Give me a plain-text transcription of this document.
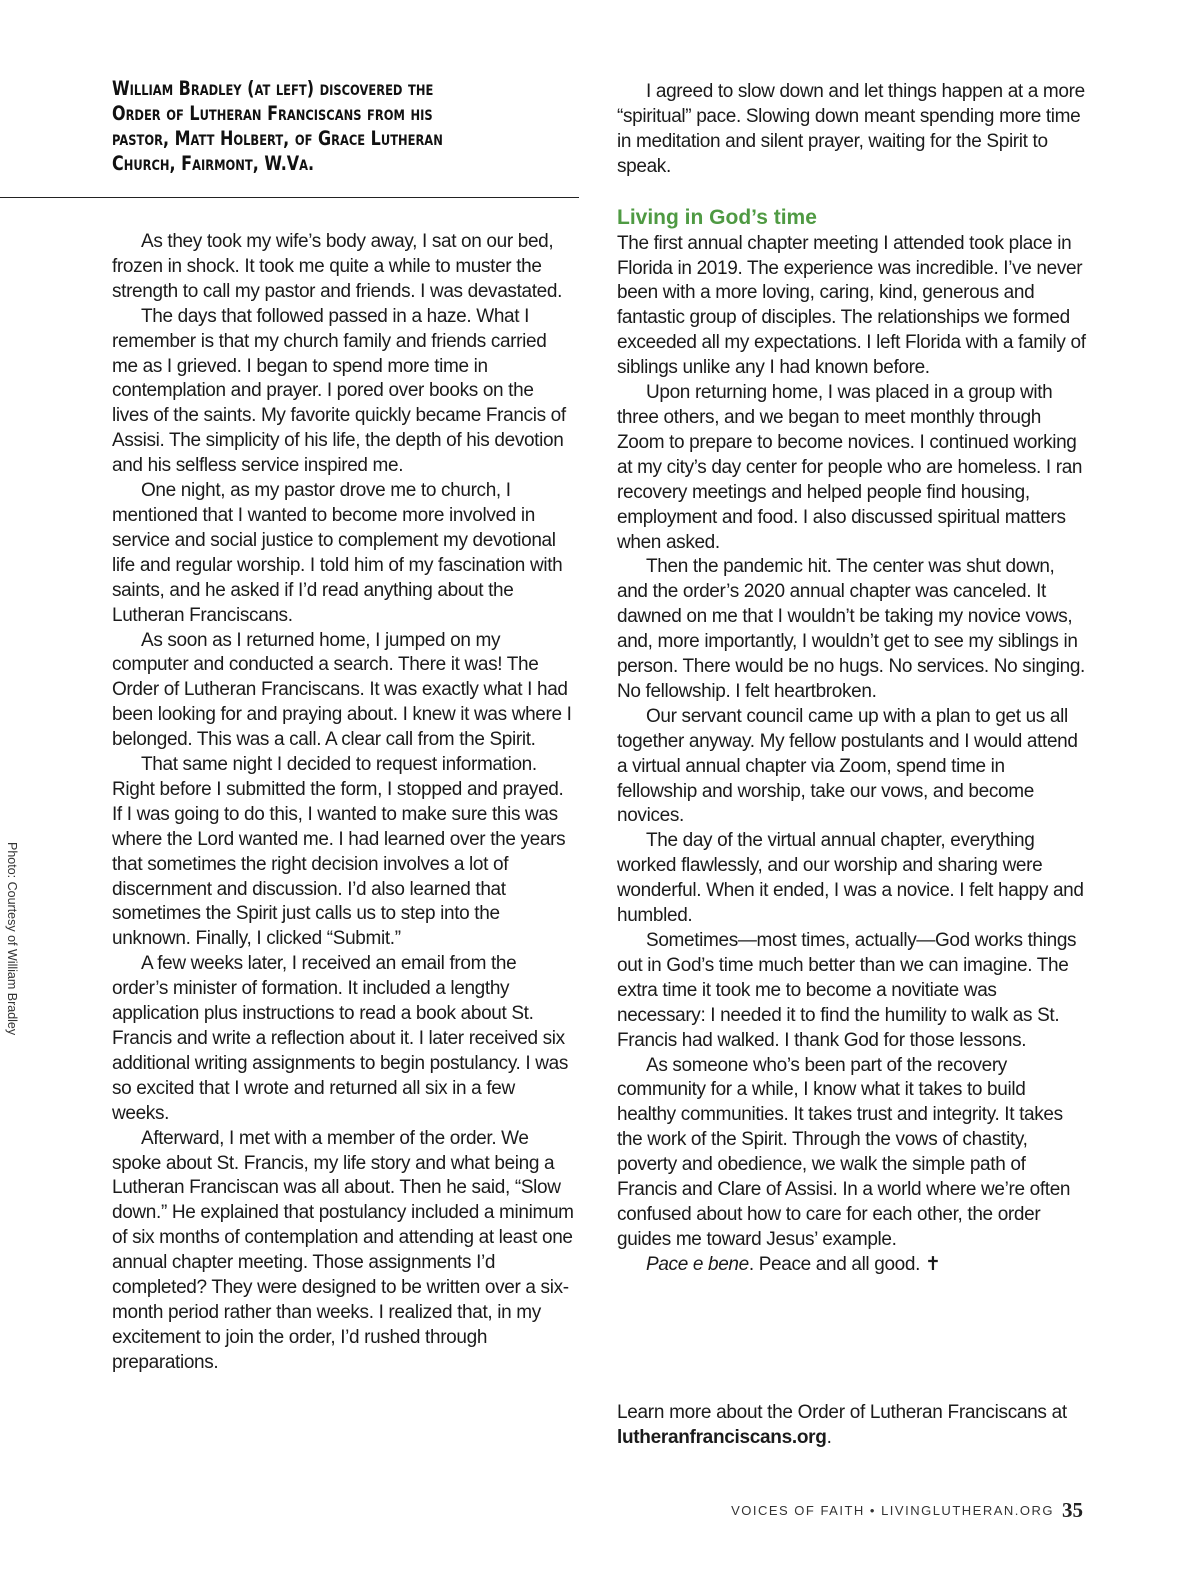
William Bradley (at left) discovered the
Order of Lutheran Franciscans from his
pastor, Matt Holbert, of Grace Lutheran
Church, Fairmont, W.Va.
Photo: Courtesy of William Bradley

As they took my wife’s body away, I sat on our bed, frozen in shock. It took me quite a while to muster the strength to call my pastor and friends. I was devastated.

The days that followed passed in a haze. What I remember is that my church family and friends carried me as I grieved. I began to spend more time in contemplation and prayer. I pored over books on the lives of the saints. My favorite quickly became Francis of Assisi. The simplicity of his life, the depth of his devotion and his selfless service inspired me.

One night, as my pastor drove me to church, I mentioned that I wanted to become more involved in service and social justice to complement my devotional life and regular worship. I told him of my fascination with saints, and he asked if I’d read anything about the Lutheran Franciscans.

As soon as I returned home, I jumped on my computer and conducted a search. There it was! The Order of Lutheran Franciscans. It was exactly what I had been looking for and praying about. I knew it was where I belonged. This was a call. A clear call from the Spirit.

That same night I decided to request information. Right before I submitted the form, I stopped and prayed. If I was going to do this, I wanted to make sure this was where the Lord wanted me. I had learned over the years that sometimes the right decision involves a lot of discernment and discussion. I’d also learned that sometimes the Spirit just calls us to step into the unknown. Finally, I clicked “Submit.”

A few weeks later, I received an email from the order’s minister of formation. It included a lengthy application plus instructions to read a book about St. Francis and write a reflection about it. I later received six additional writing assignments to begin postulancy. I was so excited that I wrote and returned all six in a few weeks.

Afterward, I met with a member of the order. We spoke about St. Francis, my life story and what being a Lutheran Franciscan was all about. Then he said, “Slow down.” He explained that postulancy included a minimum of six months of contemplation and attending at least one annual chapter meeting. Those assignments I’d completed? They were designed to be written over a six-month period rather than weeks. I realized that, in my excitement to join the order, I’d rushed through preparations.

I agreed to slow down and let things happen at a more “spiritual” pace. Slowing down meant spending more time in meditation and silent prayer, waiting for the Spirit to speak.

Living in God’s time

The first annual chapter meeting I attended took place in Florida in 2019. The experience was incredible. I’ve never been with a more loving, caring, kind, generous and fantastic group of disciples. The relationships we formed exceeded all my expectations. I left Florida with a family of siblings unlike any I had known before.

Upon returning home, I was placed in a group with three others, and we began to meet monthly through Zoom to prepare to become novices. I continued working at my city’s day center for people who are homeless. I ran recovery meetings and helped people find housing, employment and food. I also discussed spiritual matters when asked.

Then the pandemic hit. The center was shut down, and the order’s 2020 annual chapter was canceled. It dawned on me that I wouldn’t be taking my novice vows, and, more importantly, I wouldn’t get to see my siblings in person. There would be no hugs. No services. No singing. No fellowship. I felt heartbroken.

Our servant council came up with a plan to get us all together anyway. My fellow postulants and I would attend a virtual annual chapter via Zoom, spend time in fellowship and worship, take our vows, and become novices.

The day of the virtual annual chapter, everything worked flawlessly, and our worship and sharing were wonderful. When it ended, I was a novice. I felt happy and humbled.

Sometimes—most times, actually—God works things out in God’s time much better than we can imagine. The extra time it took me to become a novitiate was necessary: I needed it to find the humility to walk as St. Francis had walked. I thank God for those lessons.

As someone who’s been part of the recovery community for a while, I know what it takes to build healthy communities. It takes trust and integrity. It takes the work of the Spirit. Through the vows of chastity, poverty and obedience, we walk the simple path of Francis and Clare of Assisi. In a world where we’re often confused about how to care for each other, the order guides me toward Jesus’ example.

Pace e bene. Peace and all good. ✝

Learn more about the Order of Lutheran Franciscans at lutheranfranciscans.org.
VOICES OF FAITH • LIVINGLUTHERAN.ORG 35
